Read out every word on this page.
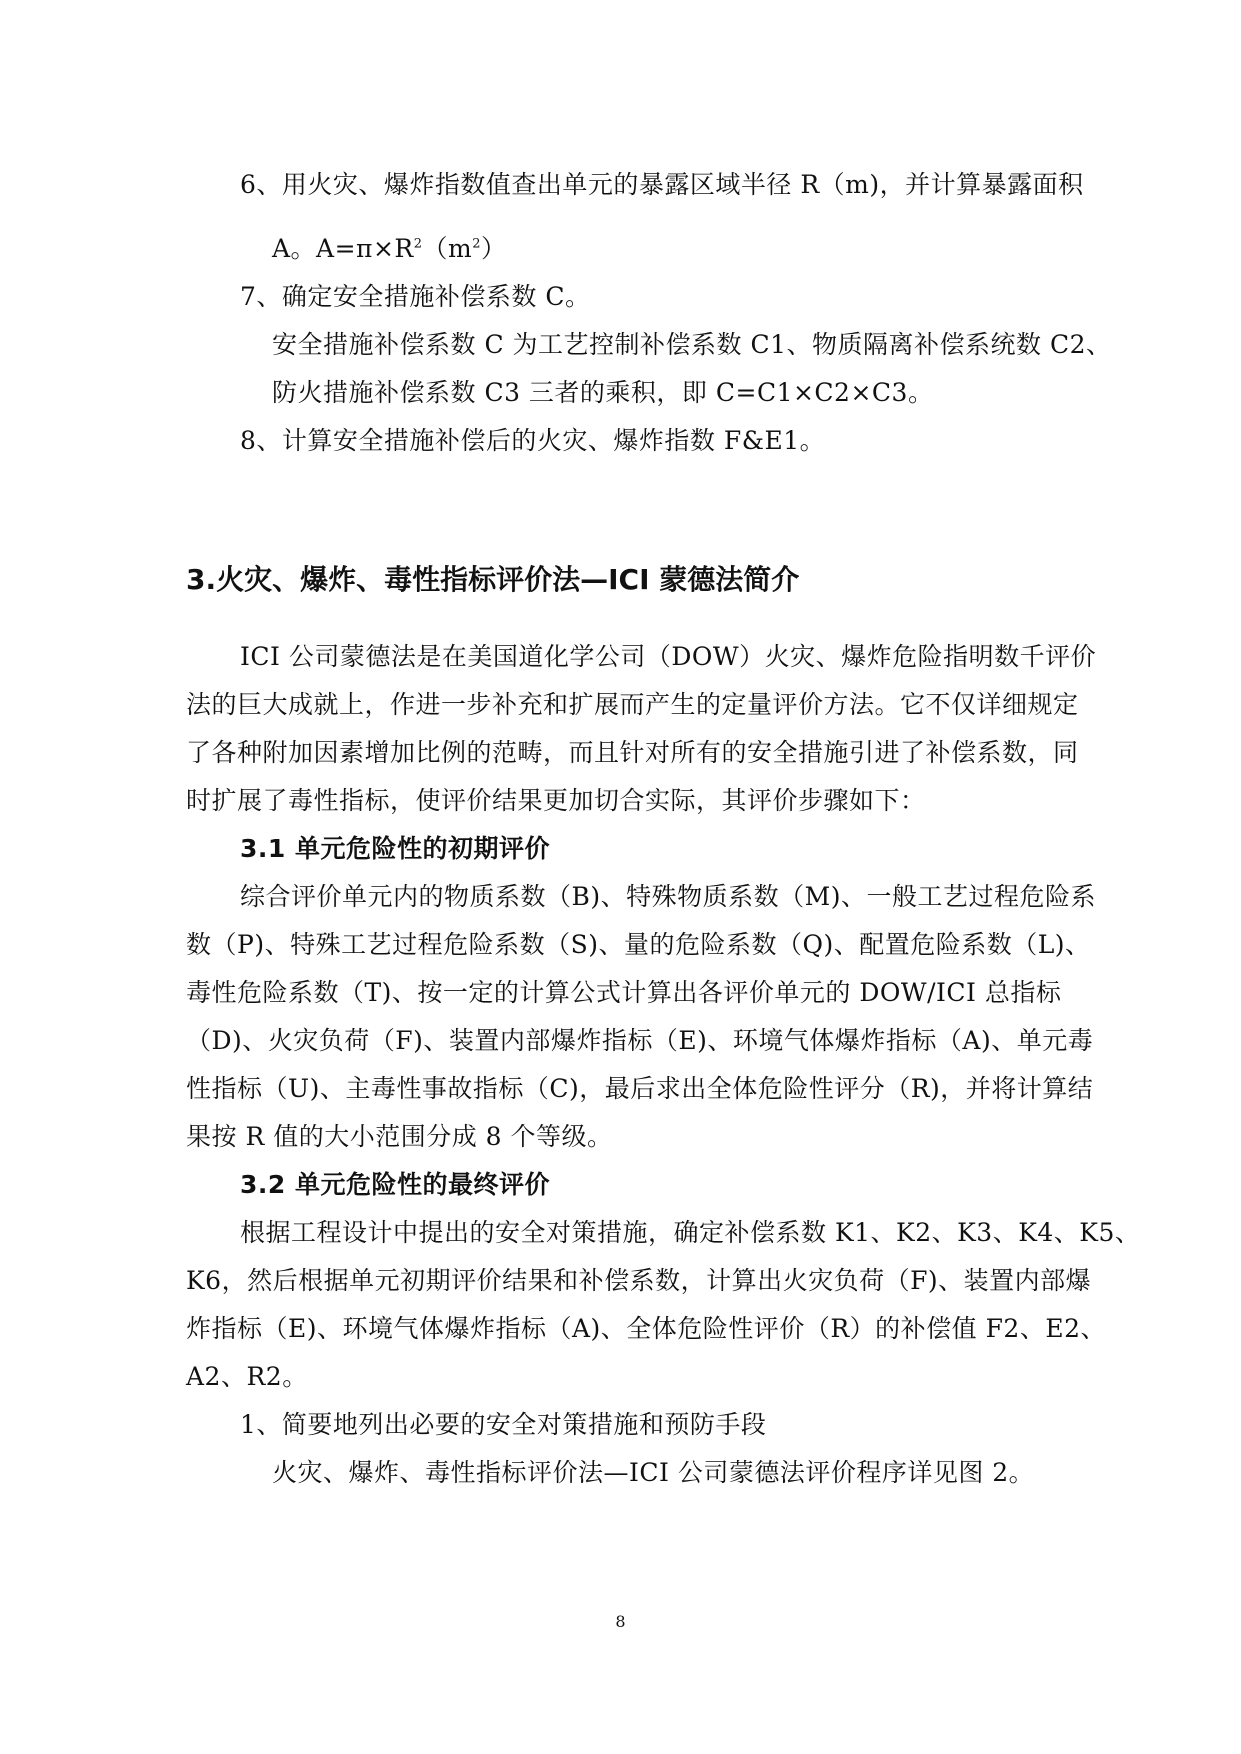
6、用火灾、爆炸指数值查出单元的暴露区域半径 R（m)，并计算暴露面积
A。$A=\pi\times R^2(m^2)$
7、确定安全措施补偿系数 C。
安全措施补偿系数 C 为工艺控制补偿系数 C1、物质隔离补偿系统数 C2、
防火措施补偿系数 C3 三者的乘积，即 C=C1×C2×C3。
8、计算安全措施补偿后的火灾、爆炸指数 F&E1。
3.火灾、爆炸、毒性指标评价法—ICI 蒙德法简介
ICI 公司蒙德法是在美国道化学公司（DOW）火灾、爆炸危险指明数千评价
法的巨大成就上，作进一步补充和扩展而产生的定量评价方法。它不仅详细规定
了各种附加因素增加比例的范畴，而且针对所有的安全措施引进了补偿系数，同
时扩展了毒性指标，使评价结果更加切合实际，其评价步骤如下：
3.1 单元危险性的初期评价
综合评价单元内的物质系数（B)、特殊物质系数（M)、一般工艺过程危险系
数（P)、特殊工艺过程危险系数（S)、量的危险系数（Q)、配置危险系数（L)、
毒性危险系数（T)、按一定的计算公式计算出各评价单元的 DOW/ICI 总指标
（D)、火灾负荷（F)、装置内部爆炸指标（E)、环境气体爆炸指标（A)、单元毒
性指标（U)、主毒性事故指标（C)，最后求出全体危险性评分（R)，并将计算结
果按 R 值的大小范围分成 8 个等级。
3.2 单元危险性的最终评价
根据工程设计中提出的安全对策措施，确定补偿系数 K1、K2、K3、K4、K5、
K6，然后根据单元初期评价结果和补偿系数，计算出火灾负荷（F)、装置内部爆
炸指标（E)、环境气体爆炸指标（A)、全体危险性评价（R）的补偿值 F2、E2、
A2、R2。
1、简要地列出必要的安全对策措施和预防手段
火灾、爆炸、毒性指标评价法—ICI 公司蒙德法评价程序详见图 2。
8
